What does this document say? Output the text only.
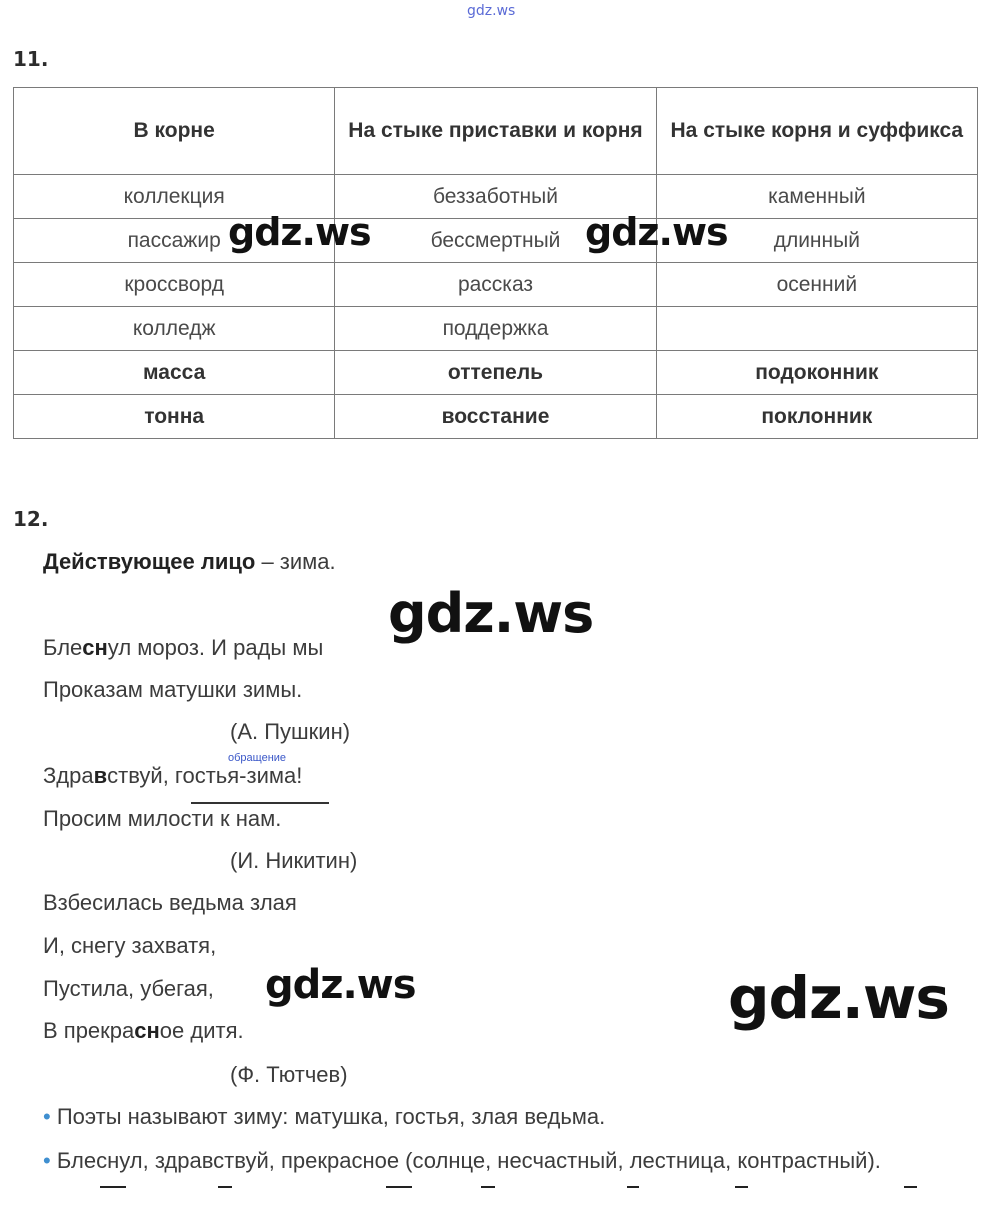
gdz.ws
11.
В корне	На стыке приставки и корня	На стыке корня и суффикса
коллекция	беззаботный	каменный
пассажир	бессмертный	длинный
кроссворд	рассказ	осенний
колледж	поддержка	
масса	оттепель	подоконник
тонна	восстание	поклонник
gdz.ws	gdz.ws
12.
Действующее лицо – зима.
gdz.ws
Блеснул мороз. И рады мы
Проказам матушки зимы.
(А. Пушкин)
обращение
Здравствуй, гостья-зима!
Просим милости к нам.
(И. Никитин)
Взбесилась ведьма злая
И, снегу захватя,
Пустила, убегая,
В прекрасное дитя.
(Ф. Тютчев)
gdz.ws	gdz.ws
• Поэты называют зиму: матушка, гостья, злая ведьма.
• Блеснул, здравствуй, прекрасное (солнце, несчастный, лестница, контрастный).
